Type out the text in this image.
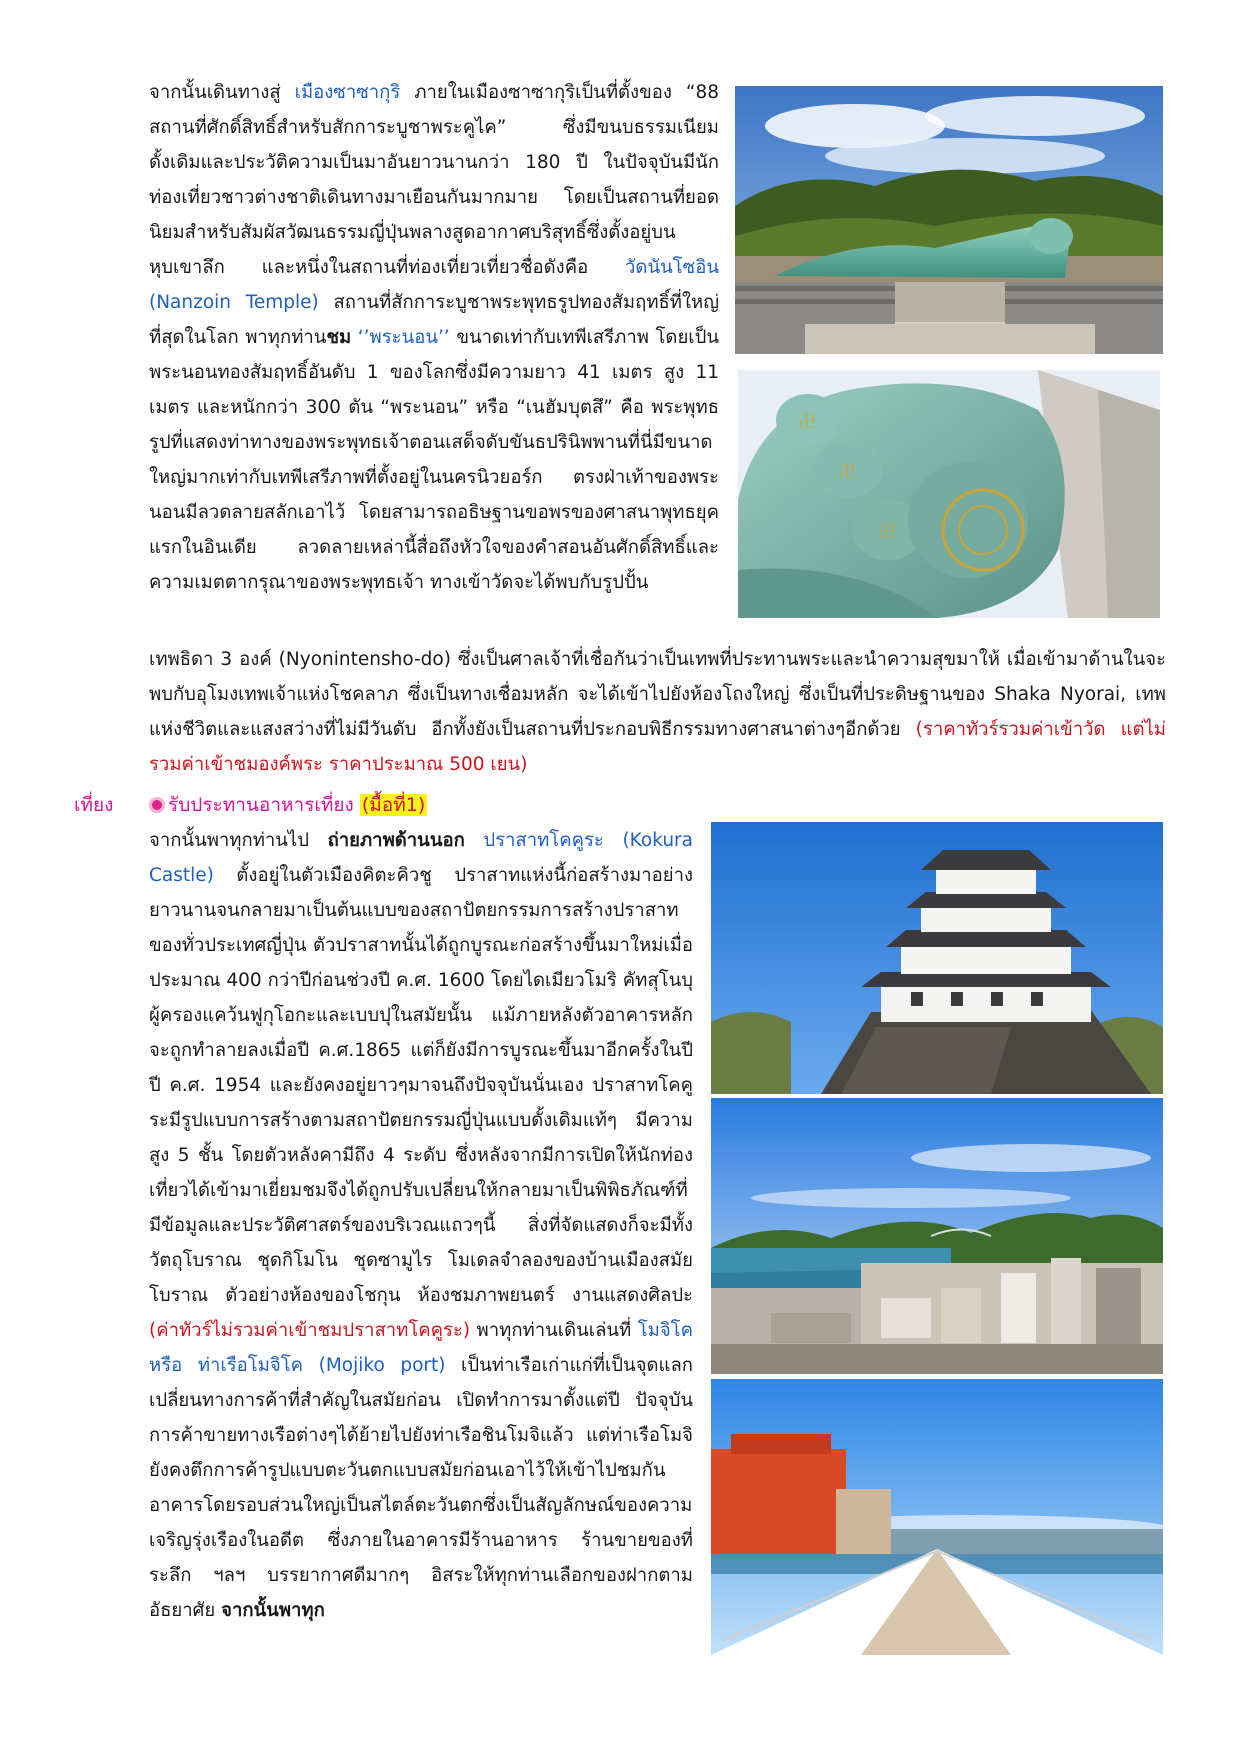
จากนั้นเดินทางสู่ เมืองซาซากุริ ภายในเมืองซาซากุริเป็นที่ตั้งของ “88 สถานที่ศักดิ์สิทธิ์สำหรับสักการะบูชาพระคูไค” ซึ่งมีขนบธรรมเนียมดั้งเดิมและประวัติความเป็นมาอันยาวนานกว่า 180 ปี ในปัจจุบันมีนักท่องเที่ยวชาวต่างชาติเดินทางมาเยือนกันมากมาย โดยเป็นสถานที่ยอดนิยมสำหรับสัมผัสวัฒนธรรมญี่ปุ่นพลางสูดอากาศบริสุทธิ์ซึ่งตั้งอยู่บนหุบเขาลึก และหนึ่งในสถานที่ท่องเที่ยวเที่ยวชื่อดังคือ วัดนันโซอิน (Nanzoin Temple) สถานที่สักการะบูชาพระพุทธรูปทองสัมฤทธิ์ที่ใหญ่ที่สุดในโลก พาทุกท่านชม ‘’พระนอน’’ ขนาดเท่ากับเทพีเสรีภาพ โดยเป็นพระนอนทองสัมฤทธิ์อันดับ 1 ของโลกซึ่งมีความยาว 41 เมตร สูง 11 เมตร และหนักกว่า 300 ตัน “พระนอน” หรือ “เนฮัมบุตสึ” คือ พระพุทธรูปที่แสดงท่าทางของพระพุทธเจ้าตอนเสด็จดับขันธปรินิพพานที่นี่มีขนาดใหญ่มากเท่ากับเทพีเสรีภาพที่ตั้งอยู่ในนครนิวยอร์ก ตรงฝ่าเท้าของพระนอนมีลวดลายสลักเอาไว้ โดยสามารถอธิษฐานขอพรของศาสนาพุทธยุคแรกในอินเดีย ลวดลายเหล่านี้สื่อถึงหัวใจของคำสอนอันศักดิ์สิทธิ์และความเมตตากรุณาของพระพุทธเจ้า ทางเข้าวัดจะได้พบกับรูปปั้น

เทพธิดา 3 องค์ (Nyonintensho-do) ซึ่งเป็นศาลเจ้าที่เชื่อกันว่าเป็นเทพที่ประทานพระและนำความสุขมาให้ เมื่อเข้ามาด้านในจะพบกับอุโมงเทพเจ้าแห่งโชคลาภ ซึ่งเป็นทางเชื่อมหลัก จะได้เข้าไปยังห้องโถงใหญ่ ซึ่งเป็นที่ประดิษฐานของ Shaka Nyorai, เทพแห่งชีวิตและแสงสว่างที่ไม่มีวันดับ อีกทั้งยังเป็นสถานที่ประกอบพิธีกรรมทางศาสนาต่างๆอีกด้วย (ราคาทัวร์รวมค่าเข้าวัด แต่ไม่รวมค่าเข้าชมองค์พระ ราคาประมาณ 500 เยน)

เที่ยง	รับประทานอาหารเที่ยง (มื้อที่1)

จากนั้นพาทุกท่านไป ถ่ายภาพด้านนอก ปราสาทโคคูระ (Kokura Castle) ตั้งอยู่ในตัวเมืองคิตะคิวชู ปราสาทแห่งนี้ก่อสร้างมาอย่างยาวนานจนกลายมาเป็นต้นแบบของสถาปัตยกรรมการสร้างปราสาทของทั่วประเทศญี่ปุ่น ตัวปราสาทนั้นได้ถูกบูรณะก่อสร้างขึ้นมาใหม่เมื่อประมาณ 400 กว่าปีก่อนช่วงปี ค.ศ. 1600 โดยไดเมียวโมริ คัทสุโนบุ ผู้ครองแคว้นฟูกุโอกะและเบบปุในสมัยนั้น แม้ภายหลังตัวอาคารหลักจะถูกทำลายลงเมื่อปี ค.ศ.1865 แต่ก็ยังมีการบูรณะขึ้นมาอีกครั้งในปี ปี ค.ศ. 1954 และยังคงอยู่ยาวๆมาจนถึงปัจจุบันนั่นเอง ปราสาทโคคูระมีรูปแบบการสร้างตามสถาปัตยกรรมญี่ปุ่นแบบดั้งเดิมแท้ๆ มีความสูง 5 ชั้น โดยตัวหลังคามีถึง 4 ระดับ ซึ่งหลังจากมีการเปิดให้นักท่องเที่ยวได้เข้ามาเยี่ยมชมจึงได้ถูกปรับเปลี่ยนให้กลายมาเป็นพิพิธภัณฑ์ที่มีข้อมูลและประวัติศาสตร์ของบริเวณแถวๆนี้ สิ่งที่จัดแสดงก็จะมีทั้งวัตถุโบราณ ชุดกิโมโน ชุดซามูไร โมเดลจำลองของบ้านเมืองสมัยโบราณ ตัวอย่างห้องของโชกุน ห้องชมภาพยนตร์ งานแสดงศิลปะ (ค่าทัวร์ไม่รวมค่าเข้าชมปราสาทโคคูระ) พาทุกท่านเดินเล่นที่ โมจิโค หรือ ท่าเรือโมจิโค (Mojiko port) เป็นท่าเรือเก่าแก่ที่เป็นจุดแลกเปลี่ยนทางการค้าที่สำคัญในสมัยก่อน เปิดทำการมาตั้งแต่ปี ปัจจุบันการค้าขายทางเรือต่างๆได้ย้ายไปยังท่าเรือชินโมจิแล้ว แต่ท่าเรือโมจิ ยังคงตึกการค้ารูปแบบตะวันตกแบบสมัยก่อนเอาไว้ให้เข้าไปชมกัน อาคารโดยรอบส่วนใหญ่เป็นสไตล์ตะวันตกซึ่งเป็นสัญลักษณ์ของความเจริญรุ่งเรืองในอดีต ซึ่งภายในอาคารมีร้านอาหาร ร้านขายของที่ระลึก ฯลฯ บรรยากาศดีมากๆ อิสระให้ทุกท่านเลือกของฝากตามอัธยาศัย จากนั้นพาทุก

卍
卍
卍
